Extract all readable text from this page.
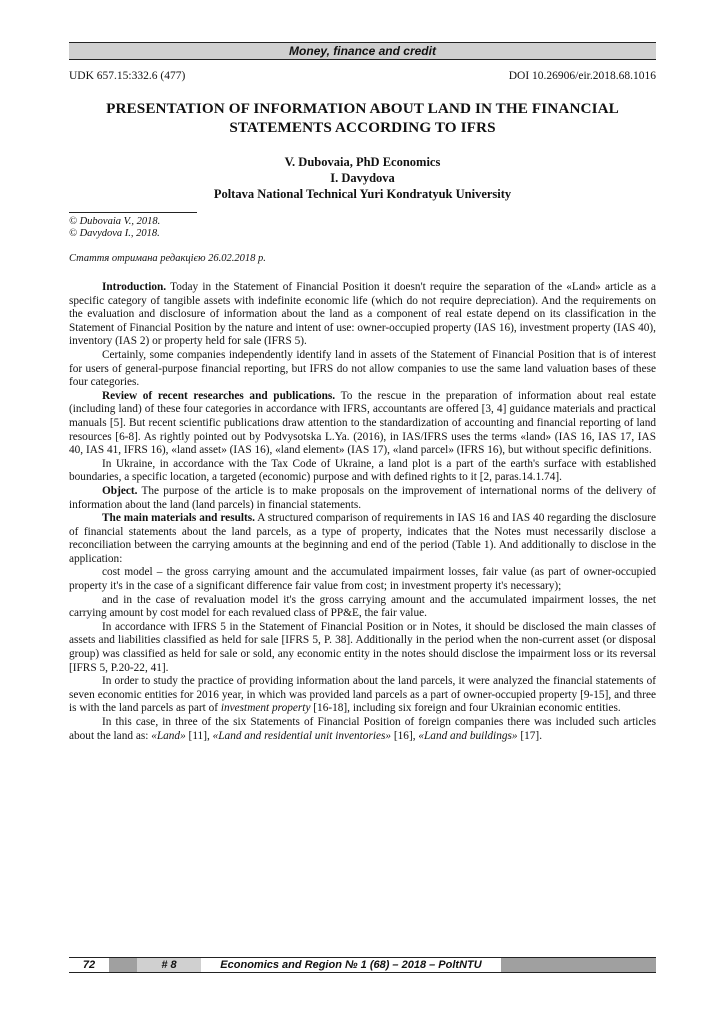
Money, finance and credit
UDK 657.15:332.6 (477)	DOI 10.26906/eir.2018.68.1016
PRESENTATION OF INFORMATION ABOUT LAND IN THE FINANCIAL
STATEMENTS ACCORDING TO IFRS
V. Dubovaia, PhD Economics
I. Davydova
Poltava National Technical Yuri Kondratyuk University
© Dubovaia V., 2018.
© Davydova I., 2018.
Стаття отримана редакцією 26.02.2018 р.

Introduction. Today in the Statement of Financial Position it doesn't require the separation of the «Land» article as a specific category of tangible assets with indefinite economic life (which do not require depreciation). And the requirements on the evaluation and disclosure of information about the land as a component of real estate depend on its classification in the Statement of Financial Position by the nature and intent of use: owner-occupied property (IAS 16), investment property (IAS 40), inventory (IAS 2) or property held for sale (IFRS 5).

Certainly, some companies independently identify land in assets of the Statement of Financial Position that is of interest for users of general-purpose financial reporting, but IFRS do not allow companies to use the same land valuation bases of these four categories.

Review of recent researches and publications. To the rescue in the preparation of information about real estate (including land) of these four categories in accordance with IFRS, accountants are offered [3, 4] guidance materials and practical manuals [5]. But recent scientific publications draw attention to the standardization of accounting and financial reporting of land resources [6-8]. As rightly pointed out by Podvysotska L.Ya. (2016), in IAS/IFRS uses the terms «land» (IAS 16, IAS 17, IAS 40, IAS 41, IFRS 16), «land asset» (IAS 16), «land element» (IAS 17), «land parcel» (IFRS 16), but without specific definitions.

In Ukraine, in accordance with the Tax Code of Ukraine, a land plot is a part of the earth's surface with established boundaries, a specific location, a targeted (economic) purpose and with defined rights to it [2, paras.14.1.74].

Object. The purpose of the article is to make proposals on the improvement of international norms of the delivery of information about the land (land parcels) in financial statements.

The main materials and results. A structured comparison of requirements in IAS 16 and IAS 40 regarding the disclosure of financial statements about the land parcels, as a type of property, indicates that the Notes must necessarily disclose a reconciliation between the carrying amounts at the beginning and end of the period (Table 1). And additionally to disclose in the application:

cost model – the gross carrying amount and the accumulated impairment losses, fair value (as part of owner-occupied property it's in the case of a significant difference fair value from cost; in investment property it's necessary);

and in the case of revaluation model it's the gross carrying amount and the accumulated impairment losses, the net carrying amount by cost model for each revalued class of PP&E, the fair value.

In accordance with IFRS 5 in the Statement of Financial Position or in Notes, it should be disclosed the main classes of assets and liabilities classified as held for sale [IFRS 5, P. 38]. Additionally in the period when the non-current asset (or disposal group) was classified as held for sale or sold, any economic entity in the notes should disclose the impairment loss or its reversal [IFRS 5, P.20-22, 41].

In order to study the practice of providing information about the land parcels, it were analyzed the financial statements of seven economic entities for 2016 year, in which was provided land parcels as a part of owner-occupied property [9-15], and three is with the land parcels as part of investment property [16-18], including six foreign and four Ukrainian economic entities.

In this case, in three of the six Statements of Financial Position of foreign companies there was included such articles about the land as: «Land» [11], «Land and residential unit inventories» [16], «Land and buildings» [17].

72	# 8	Economics and Region № 1 (68) – 2018 – PoltNTU
